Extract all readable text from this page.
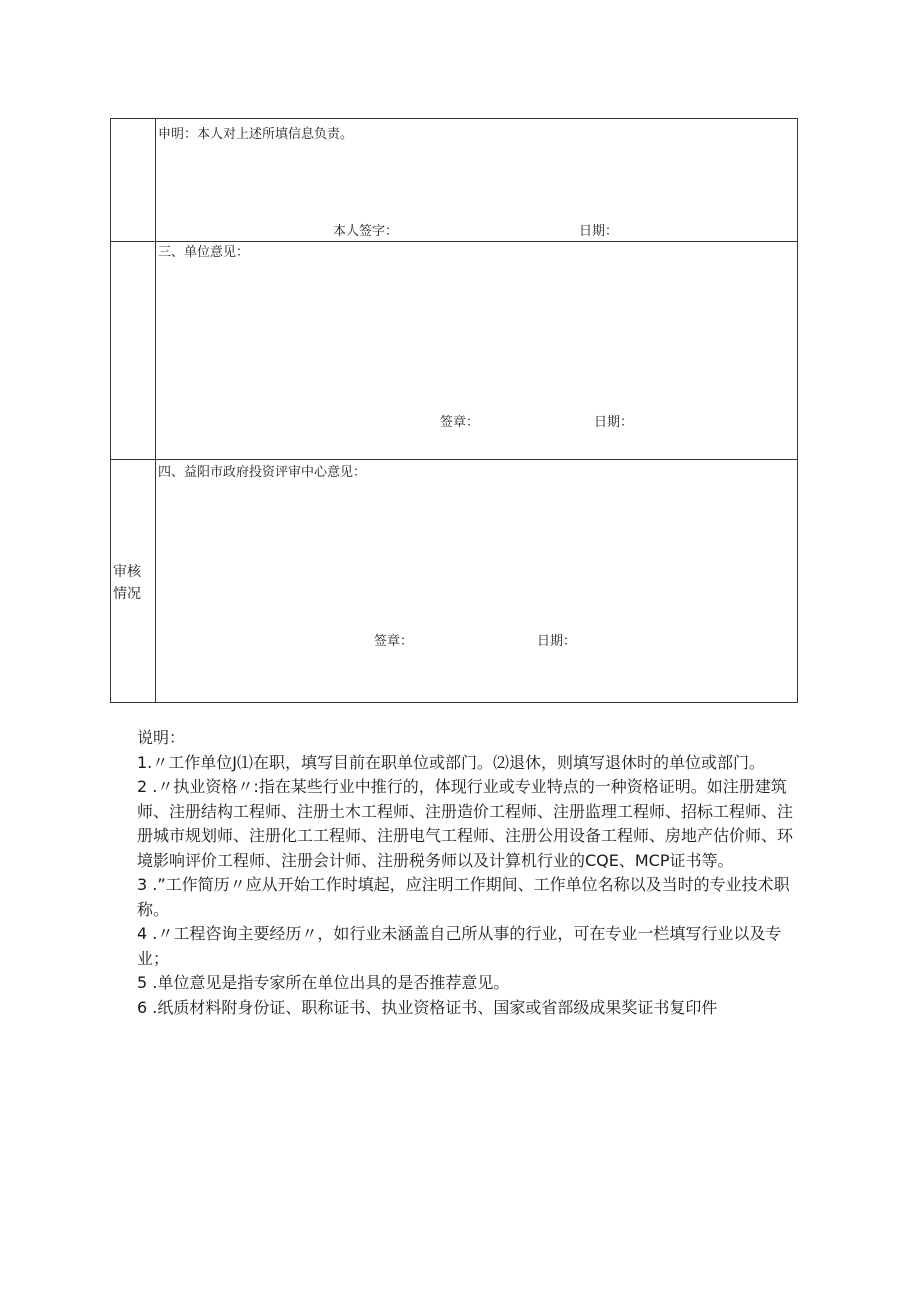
申明：本人对上述所填信息负责。
本人签字：	日期：
三、单位意见：
签章：	日期：
审核
情况
四、益阳市政府投资评审中心意见：
签章：	日期：

说明：

1.〃工作单位J⑴在职，填写目前在职单位或部门。⑵退休，则填写退休时的单位或部门。

2 .〃执业资格〃:指在某些行业中推行的，体现行业或专业特点的一种资格证明。如注册建筑师、注册结构工程师、注册土木工程师、注册造价工程师、注册监理工程师、招标工程师、注册城市规划师、注册化工工程师、注册电气工程师、注册公用设备工程师、房地产估价师、环境影响评价工程师、注册会计师、注册税务师以及计算机行业的CQE、MCP证书等。

3 .”工作简历〃应从开始工作时填起，应注明工作期间、工作单位名称以及当时的专业技术职称。

4 .〃工程咨询主要经历〃，如行业未涵盖自己所从事的行业，可在专业一栏填写行业以及专业；

5 .单位意见是指专家所在单位出具的是否推荐意见。

6 .纸质材料附身份证、职称证书、执业资格证书、国家或省部级成果奖证书复印件
